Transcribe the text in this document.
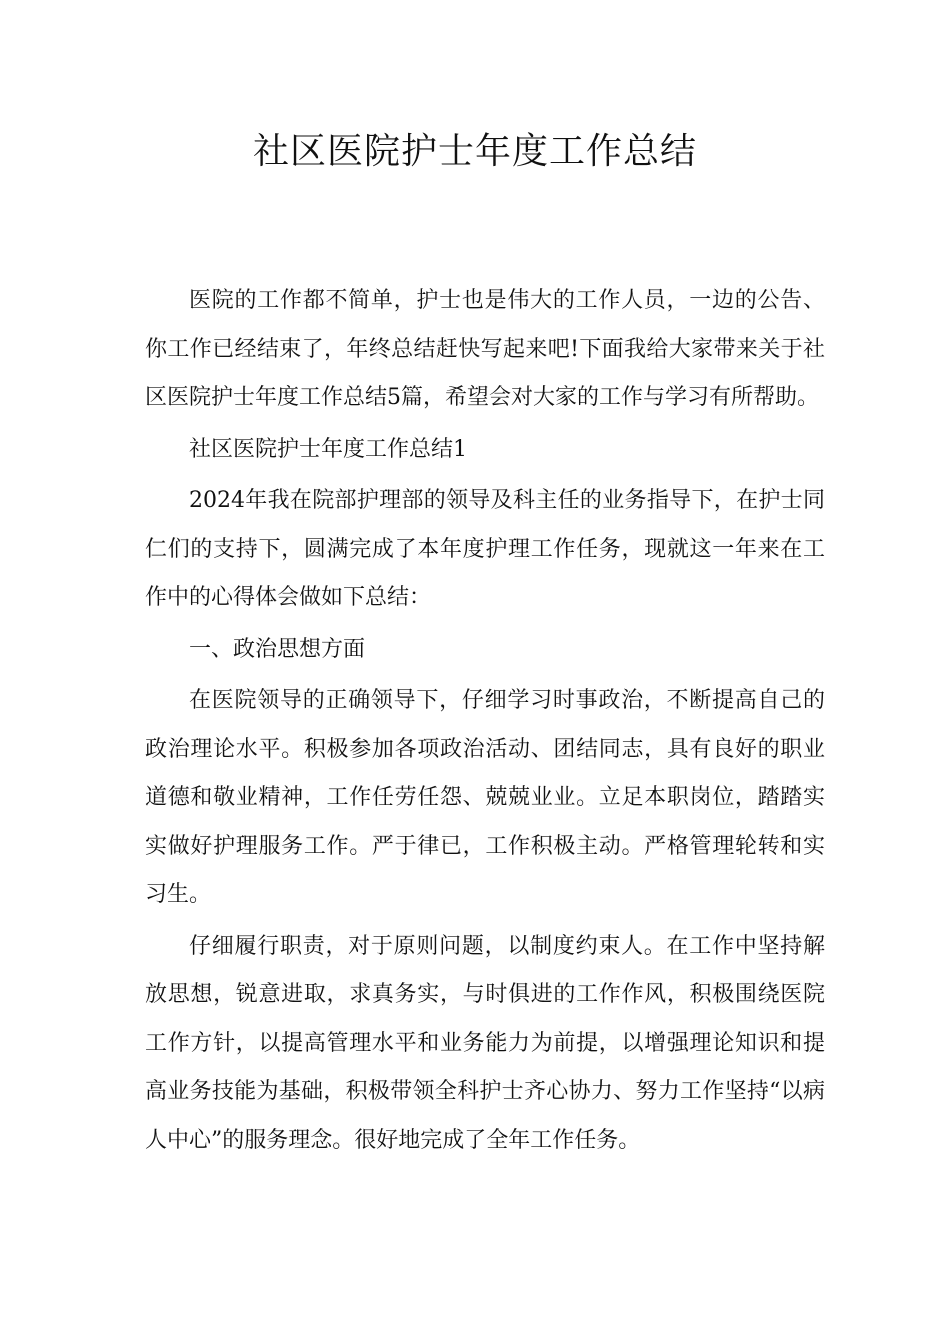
社区医院护士年度工作总结

医院的工作都不简单，护士也是伟大的工作人员，一边的公告、你工作已经结束了，年终总结赶快写起来吧!下面我给大家带来关于社区医院护士年度工作总结5篇，希望会对大家的工作与学习有所帮助。

社区医院护士年度工作总结1

2024年我在院部护理部的领导及科主任的业务指导下，在护士同仁们的支持下，圆满完成了本年度护理工作任务，现就这一年来在工作中的心得体会做如下总结：

一、政治思想方面

在医院领导的正确领导下，仔细学习时事政治，不断提高自己的政治理论水平。积极参加各项政治活动、团结同志，具有良好的职业道德和敬业精神，工作任劳任怨、兢兢业业。立足本职岗位，踏踏实实做好护理服务工作。严于律已，工作积极主动。严格管理轮转和实习生。

仔细履行职责，对于原则问题，以制度约束人。在工作中坚持解放思想，锐意进取，求真务实，与时俱进的工作作风，积极围绕医院工作方针，以提高管理水平和业务能力为前提，以增强理论知识和提高业务技能为基础，积极带领全科护士齐心协力、努力工作坚持“以病人中心”的服务理念。很好地完成了全年工作任务。
